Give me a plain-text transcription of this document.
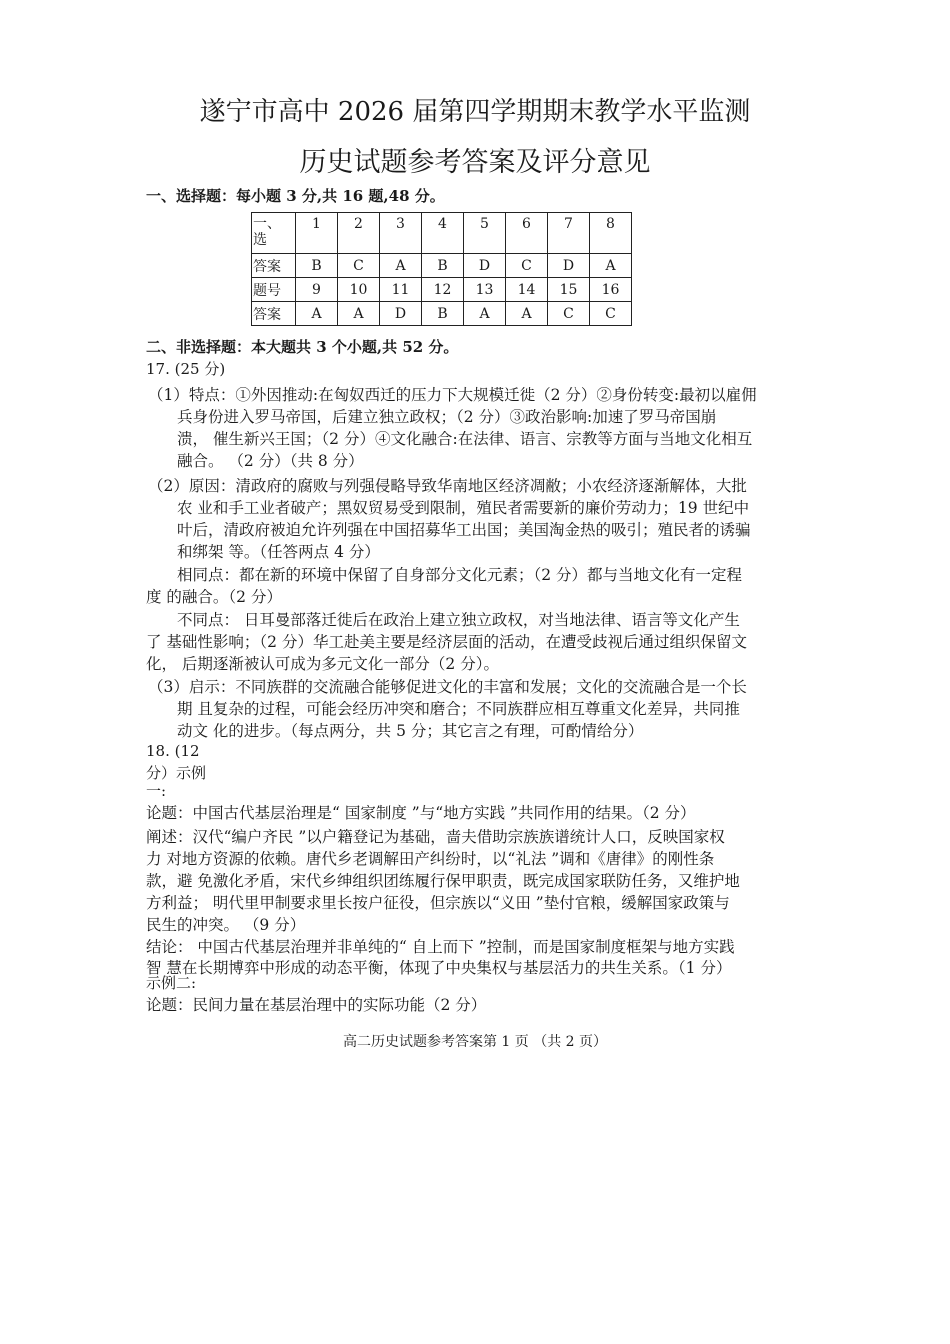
遂宁市高中 2026 届第四学期期末教学水平监测
历史试题参考答案及评分意见
一、选择题：每小题 3 分,共 16 题,48 分。
一、
选	1	2	3	4	5	6	7	8
答案	B	C	A	B	D	C	D	A
题号	9	10	11	12	13	14	15	16
答案	A	A	D	B	A	A	C	C
二、非选择题：本大题共 3 个小题,共 52 分。
17. (25 分)
（1）特点：①外因推动:在匈奴西迁的压力下大规模迁徙（2 分）②身份转变:最初以雇佣
兵身份进入罗马帝国，后建立独立政权；（2 分）③政治影响:加速了罗马帝国崩
溃， 催生新兴王国；（2 分）④文化融合:在法律、语言、宗教等方面与当地文化相互
融合。 （2 分）（共 8 分）
（2）原因：清政府的腐败与列强侵略导致华南地区经济凋敝；小农经济逐渐解体，大批
农 业和手工业者破产；黑奴贸易受到限制，殖民者需要新的廉价劳动力；19 世纪中
叶后，清政府被迫允许列强在中国招募华工出国；美国淘金热的吸引；殖民者的诱骗
和绑架 等。（任答两点 4 分）
相同点：都在新的环境中保留了自身部分文化元素；（2 分）都与当地文化有一定程
度 的融合。（2 分）
不同点： 日耳曼部落迁徙后在政治上建立独立政权，对当地法律、语言等文化产生
了 基础性影响；（2 分）华工赴美主要是经济层面的活动，在遭受歧视后通过组织保留文
化， 后期逐渐被认可成为多元文化一部分（2 分）。
（3）启示：不同族群的交流融合能够促进文化的丰富和发展；文化的交流融合是一个长
期 且复杂的过程，可能会经历冲突和磨合；不同族群应相互尊重文化差异，共同推
动文 化的进步。（每点两分，共 5 分；其它言之有理，可酌情给分）
18. (12
分）示例
一:
论题：中国古代基层治理是“ 国家制度 ”与“地方实践 ”共同作用的结果。（2 分）
阐述：汉代“编户齐民 ”以户籍登记为基础，啬夫借助宗族族谱统计人口，反映国家权
力 对地方资源的依赖。唐代乡老调解田产纠纷时，以“礼法 ”调和《唐律》的刚性条
款，避 免激化矛盾，宋代乡绅组织团练履行保甲职责，既完成国家联防任务，又维护地
方利益； 明代里甲制要求里长按户征役，但宗族以“义田 ”垫付官粮，缓解国家政策与
民生的冲突。 （9 分）
结论： 中国古代基层治理并非单纯的“ 自上而下 ”控制，而是国家制度框架与地方实践
智 慧在长期博弈中形成的动态平衡，体现了中央集权与基层活力的共生关系。（1 分）
示例二:
论题：民间力量在基层治理中的实际功能（2 分）
高二历史试题参考答案第 1 页 （共 2 页）
